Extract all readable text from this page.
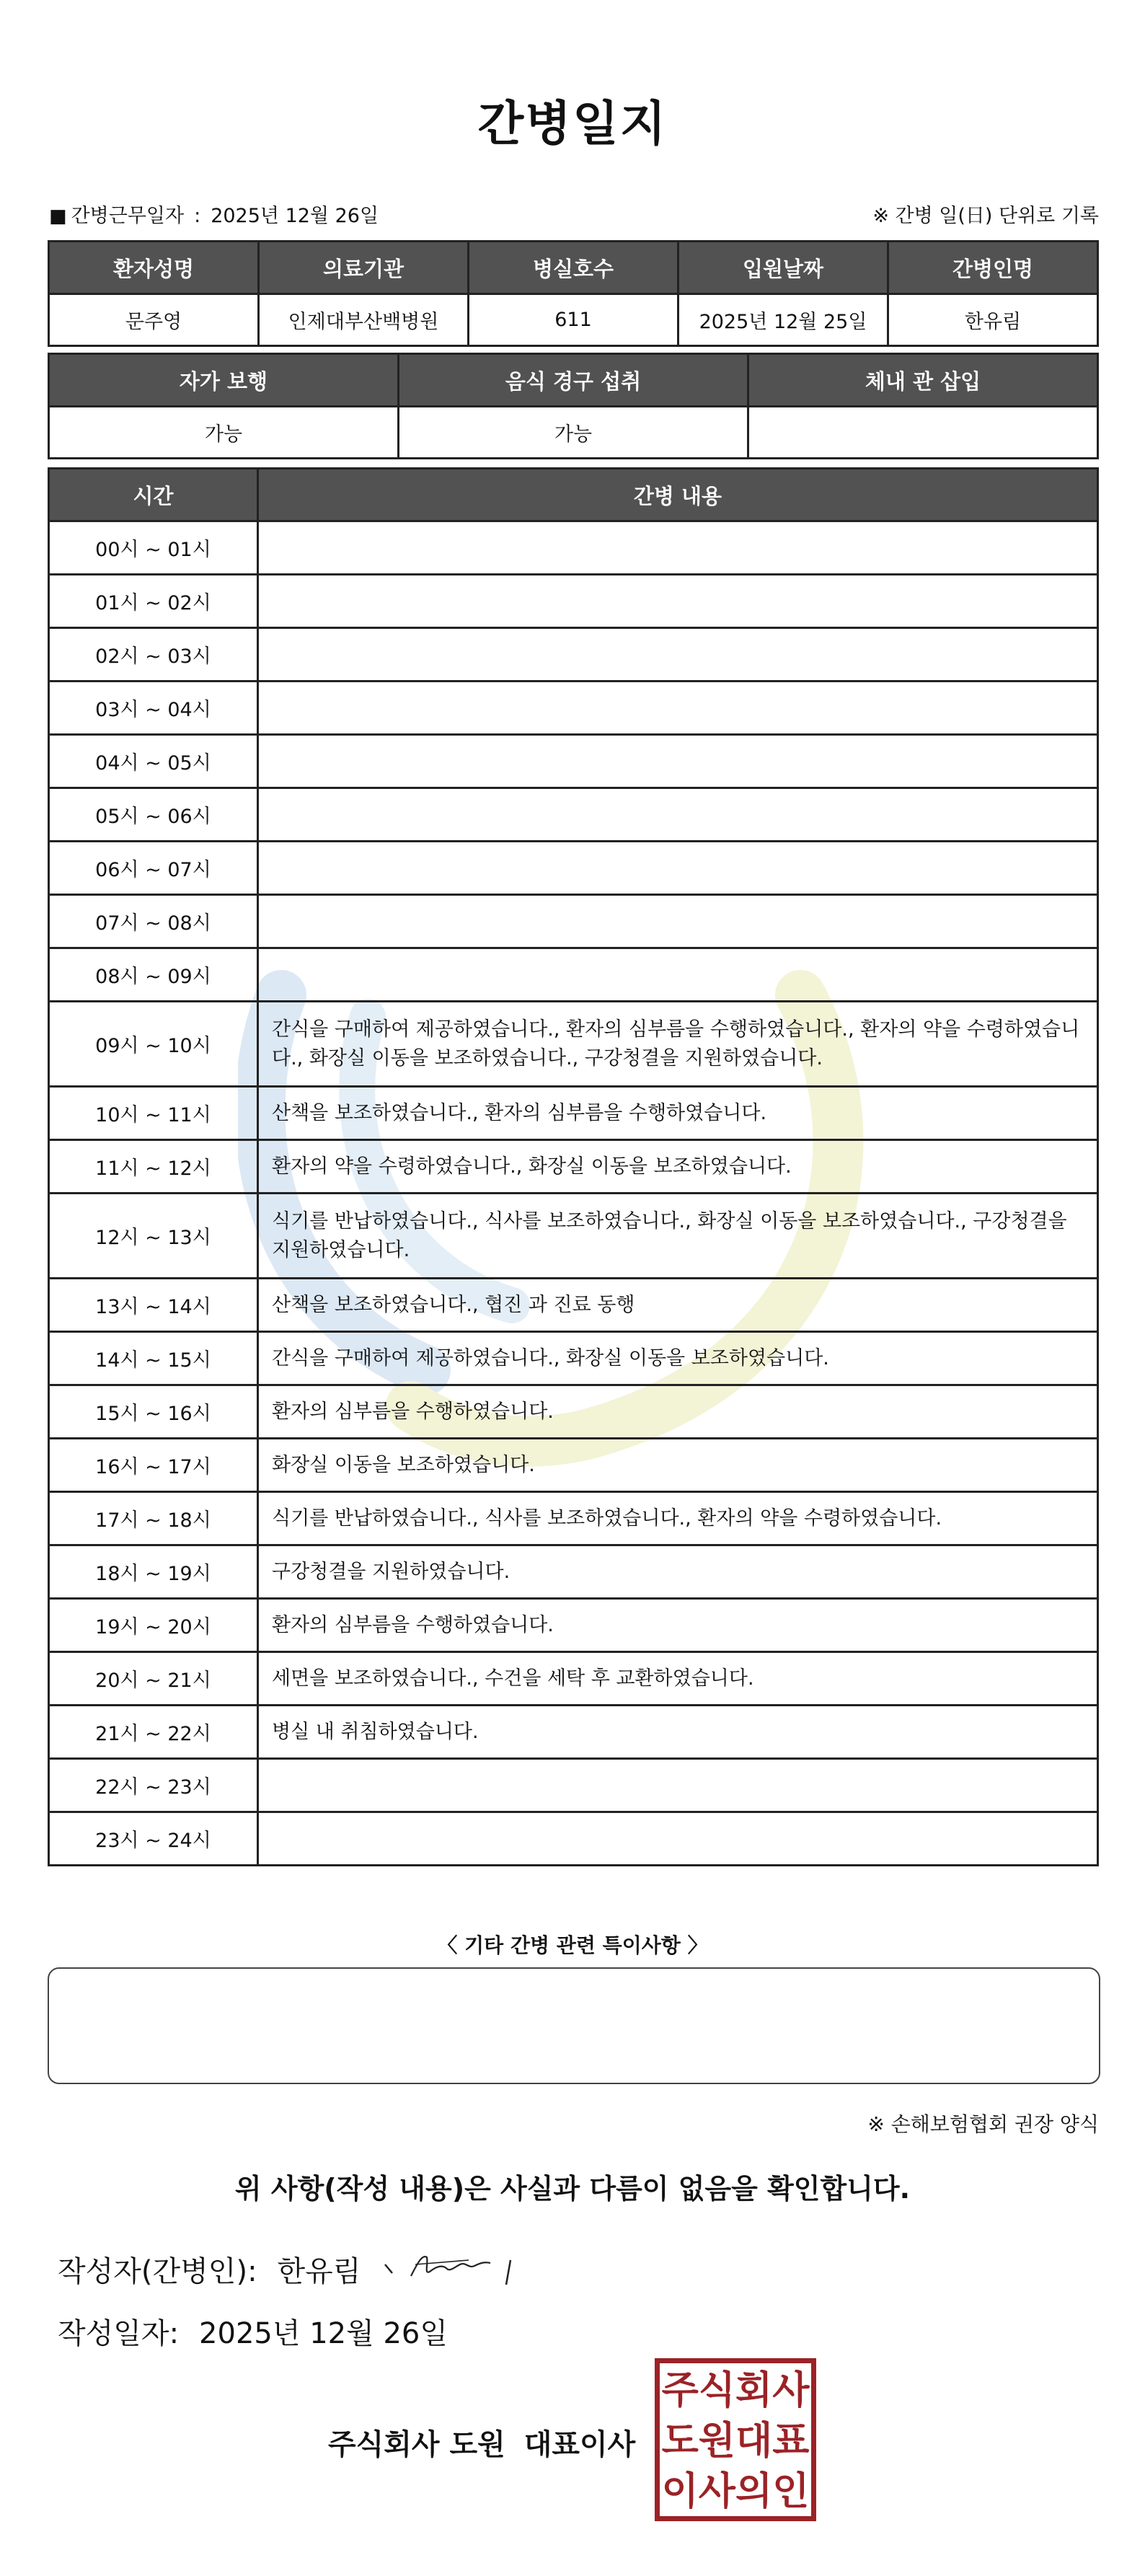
간병일지
■ 간병근무일자 : 2025년 12월 26일	※ 간병 일(日) 단위로 기록
환자성명	의료기관	병실호수	입원날짜	간병인명
문주영	인제대부산백병원	611	2025년 12월 25일	한유림
자가 보행	음식 경구 섭취	체내 관 삽입
가능	가능	
시간	간병 내용
00시 ~ 01시	
01시 ~ 02시	
02시 ~ 03시	
03시 ~ 04시	
04시 ~ 05시	
05시 ~ 06시	
06시 ~ 07시	
07시 ~ 08시	
08시 ~ 09시	
09시 ~ 10시	간식을 구매하여 제공하였습니다., 환자의 심부름을 수행하였습니다., 환자의 약을 수령하였습니다., 화장실 이동을 보조하였습니다., 구강청결을 지원하였습니다.
10시 ~ 11시	산책을 보조하였습니다., 환자의 심부름을 수행하였습니다.
11시 ~ 12시	환자의 약을 수령하였습니다., 화장실 이동을 보조하였습니다.
12시 ~ 13시	식기를 반납하였습니다., 식사를 보조하였습니다., 화장실 이동을 보조하였습니다., 구강청결을 지원하였습니다.
13시 ~ 14시	산책을 보조하였습니다., 협진 과 진료 동행
14시 ~ 15시	간식을 구매하여 제공하였습니다., 화장실 이동을 보조하였습니다.
15시 ~ 16시	환자의 심부름을 수행하였습니다.
16시 ~ 17시	화장실 이동을 보조하였습니다.
17시 ~ 18시	식기를 반납하였습니다., 식사를 보조하였습니다., 환자의 약을 수령하였습니다.
18시 ~ 19시	구강청결을 지원하였습니다.
19시 ~ 20시	환자의 심부름을 수행하였습니다.
20시 ~ 21시	세면을 보조하였습니다., 수건을 세탁 후 교환하였습니다.
21시 ~ 22시	병실 내 취침하였습니다.
22시 ~ 23시	
23시 ~ 24시	
〈 기타 간병 관련 특이사항 〉
※ 손해보험협회 권장 양식
위 사항(작성 내용)은 사실과 다름이 없음을 확인합니다.
작성자(간병인): 한유림
작성일자: 2025년 12월 26일
주식회사 도원 대표이사
주식회사
도원대표
이사의인
